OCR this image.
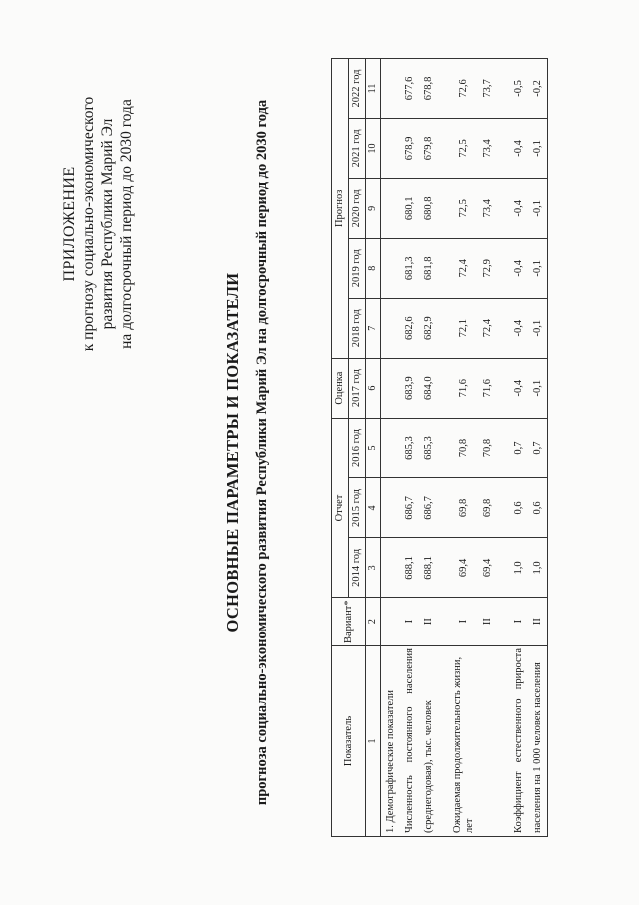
ПРИЛОЖЕНИЕ к прогнозу социально-экономического развития Республики Марий Эл на долгосрочный период до 2030 года
ОСНОВНЫЕ ПАРАМЕТРЫ И ПОКАЗАТЕЛИ прогноза социально-экономического развития Республики Марий Эл на долгосрочный период до 2030 года	Показатель	Вариант*	Отчет			Оценка	Прогноз				
		2014 год	2015 год	2016 год	2017 год	2018 год	2019 год	2020 год	2021 год	2022 год
1	2	3	4	5	6	7	8	9	10	11
1. Демографические показатели										
Численность постоянного населения	I	688,1	686,7	685,3	683,9	682,6	681,3	680,1	678,9	677,6
(среднегодовая), тыс. человек	II	688,1	686,7	685,3	684,0	682,9	681,8	680,8	679,8	678,8

Ожидаемая продолжительность жизни, лет	I	69,4	69,8	70,8	71,6	72,1	72,4	72,5	72,5	72,6
	II	69,4	69,8	70,8	71,6	72,4	72,9	73,4	73,4	73,7

Коэффициент естественного прироста	I	1,0	0,6	0,7	-0,4	-0,4	-0,4	-0,4	-0,4	-0,5
населения на 1 000 человек населения	II	1,0	0,6	0,7	-0,1	-0,1	-0,1	-0,1	-0,1	-0,2
